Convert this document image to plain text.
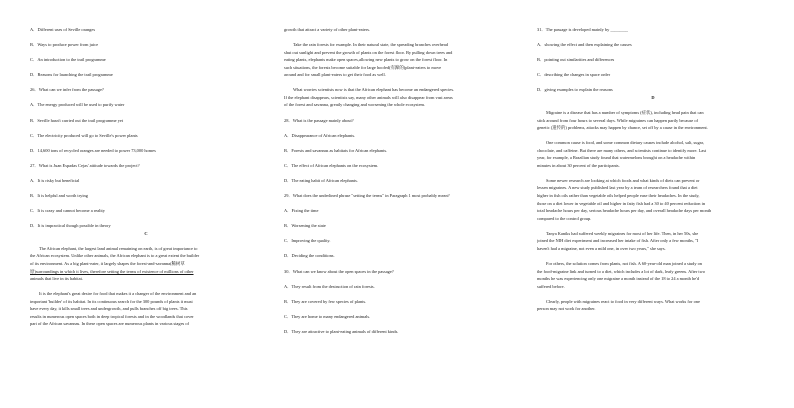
A．Different uses of Seville oranges
B．Ways to produce power from juice
C．An introduction to the trail programme
D．Reasons for launching the trail programme
26．What can we infer from the passage?
A．The energy produced will be used to purify water
B．Seville hasn't carried out the trail programme yet
C．The electricity produced will go to Seville's power plants
D．14,600 tons of recycled oranges are needed to power 73,000 homes
27．What is Juan Espadas Cejas' attitude towards the project?
A．It is risky but beneficial
B．It is helpful and worth trying
C．It is crazy and cannot become a reality
D．It is impractical though possible in theory
C
The African elephant, the largest land animal remaining on earth, is of great importance to
the African ecosystem. Unlike other animals, the African elephant is to a great extent the builder
of its environment. As a big plant-eater, it largely shapes the forest-and-savanna(稀树草
原)surroundings in which it lives, therefore setting the terms of existence of millions of other
animals that live in its habitat.
It is the elephant's great desire for food that makes it a changer of the environment and an
important 'builder' of its habitat. In its continuous search for the 300 pounds of plants it must
have every day, it kills small trees and undergrowth, and pulls branches off big trees. This
results in numerous open spaces both in deep tropical forests and in the woodlands that cover
part of the African savannas. In these open spaces are numerous plants in various stages of
growth that attract a variety of other plant-eaters.
Take the rain forests for example. In their natural state, the spreading branches overhead
shut out sunlight and prevent the growth of plants on the forest floor. By pulling down trees and
eating plants, elephants make open spaces,allowing new plants to grow on the forest floor. In
such situations, the forests become suitable for large hoofed(有蹄的)plant-eaters to move
around and for small plant-eaters to get their food as well.
What worries scientists now is that the African elephant has become an endangered species.
If the elephant disappears, scientists say, many other animals will also disappear from vast areas
of the forest and savanna, greatly changing and worsening the whole ecosystem.
28．What is the passage mainly about?
A．Disappearance of African elephants.
B．Forests and savannas as habitats for African elephants.
C．The effect of African elephants on the ecosystem.
D．The eating habit of African elephants.
29．What does the underlined phrase "setting the terms" in Paragraph 1 most probably mean?
A．Fixing the time
B．Worsening the state
C．Improving the quality.
D．Deciding the conditions.
30．What can we know about the open spaces in the passage?
A．They result from the destruction of rain forests.
B．They are covered by few species of plants.
C．They are home to many endangered animals.
D．They are attractive to plant-eating animals of different kinds.
31．The passage is developed mainly by ________
A．showing the effect and then explaining the causes
B．pointing out similarities and differences
C．describing the changes in space order
D．giving examples to explain the reasons
D
Migraine is a disease that has a number of symptoms (症状), including head pain that can
stick around from four hours to several days. While migraines can happen partly because of
genetic (遗传的) problems, attacks may happen by chance, set off by a cause in the environment.
One common cause is food, and some common dietary causes include alcohol, salt, sugar,
chocolate, and caffeine. But there are many others, and scientists continue to identify more. Last
year, for example, a Brazilian study found that watermelons brought on a headache within
minutes in about 30 percent of the participants.
Some newer research are looking at which foods and what kinds of diets can prevent or
lessen migraines. A new study published last year by a team of researchers found that a diet
higher in fish oils rather than vegetable oils helped people ease their headaches. In the study,
those on a diet lower in vegetable oil and higher in fatty fish had a 30 to 40 percent reduction in
total headache hours per day, serious headache hours per day, and overall headache days per month
compared to the control group.
Tanya Kaniks had suffered weekly migraines for most of her life. Then, in her 50s, she
joined the NIH diet experiment and increased her intake of fish. After only a few months, "I
haven't had a migraine, not even a mild one, in over two years," she says.
For others, the solution comes from plants, not fish. A 60-year-old man joined a study on
the food-migraine link and turned to a diet, which includes a lot of dark, leafy greens. After two
months he was experiencing only one migraine a month instead of the 18 to 24 a month he'd
suffered before.
Clearly, people with migraines react to food in very different ways. What works for one
person may not work for another.
